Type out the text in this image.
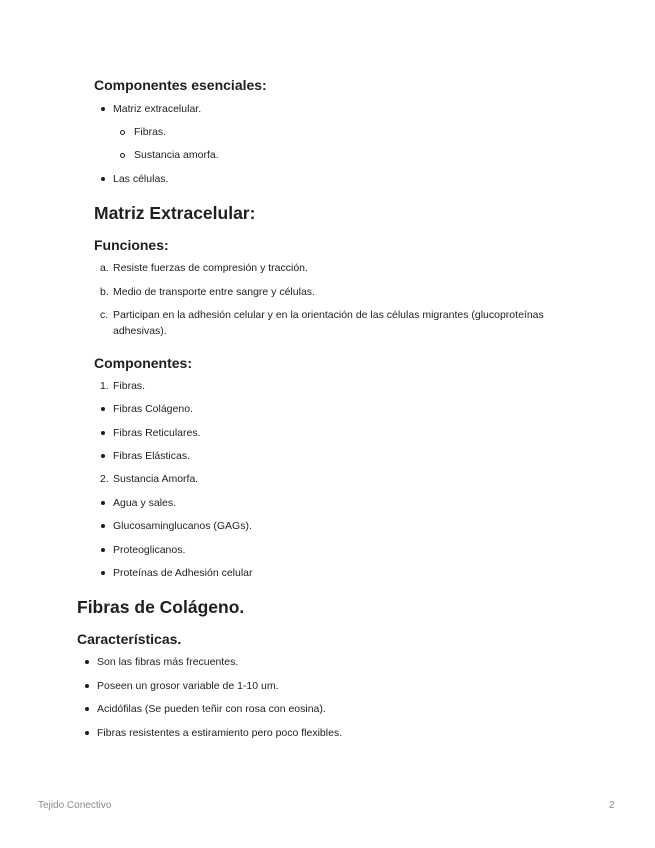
Componentes esenciales:
Matriz extracelular.
Fibras.
Sustancia amorfa.
Las células.
Matriz Extracelular:
Funciones:
a. Resiste fuerzas de compresión y tracción.
b. Medio de transporte entre sangre y células.
c. Participan en la adhesión celular y en la orientación de las células migrantes (glucoproteínas adhesivas).
Componentes:
1. Fibras.
Fibras Colágeno.
Fibras Reticulares.
Fibras Elásticas.
2. Sustancia Amorfa.
Agua y sales.
Glucosaminglucanos (GAGs).
Proteoglicanos.
Proteínas de Adhesión celular
Fibras de Colágeno.
Características.
Son las fibras más frecuentes.
Poseen un grosor variable de 1-10 um.
Acidófilas (Se pueden teñir con rosa con eosina).
Fibras resistentes a estiramiento pero poco flexibles.
Tejido Conectivo	2
